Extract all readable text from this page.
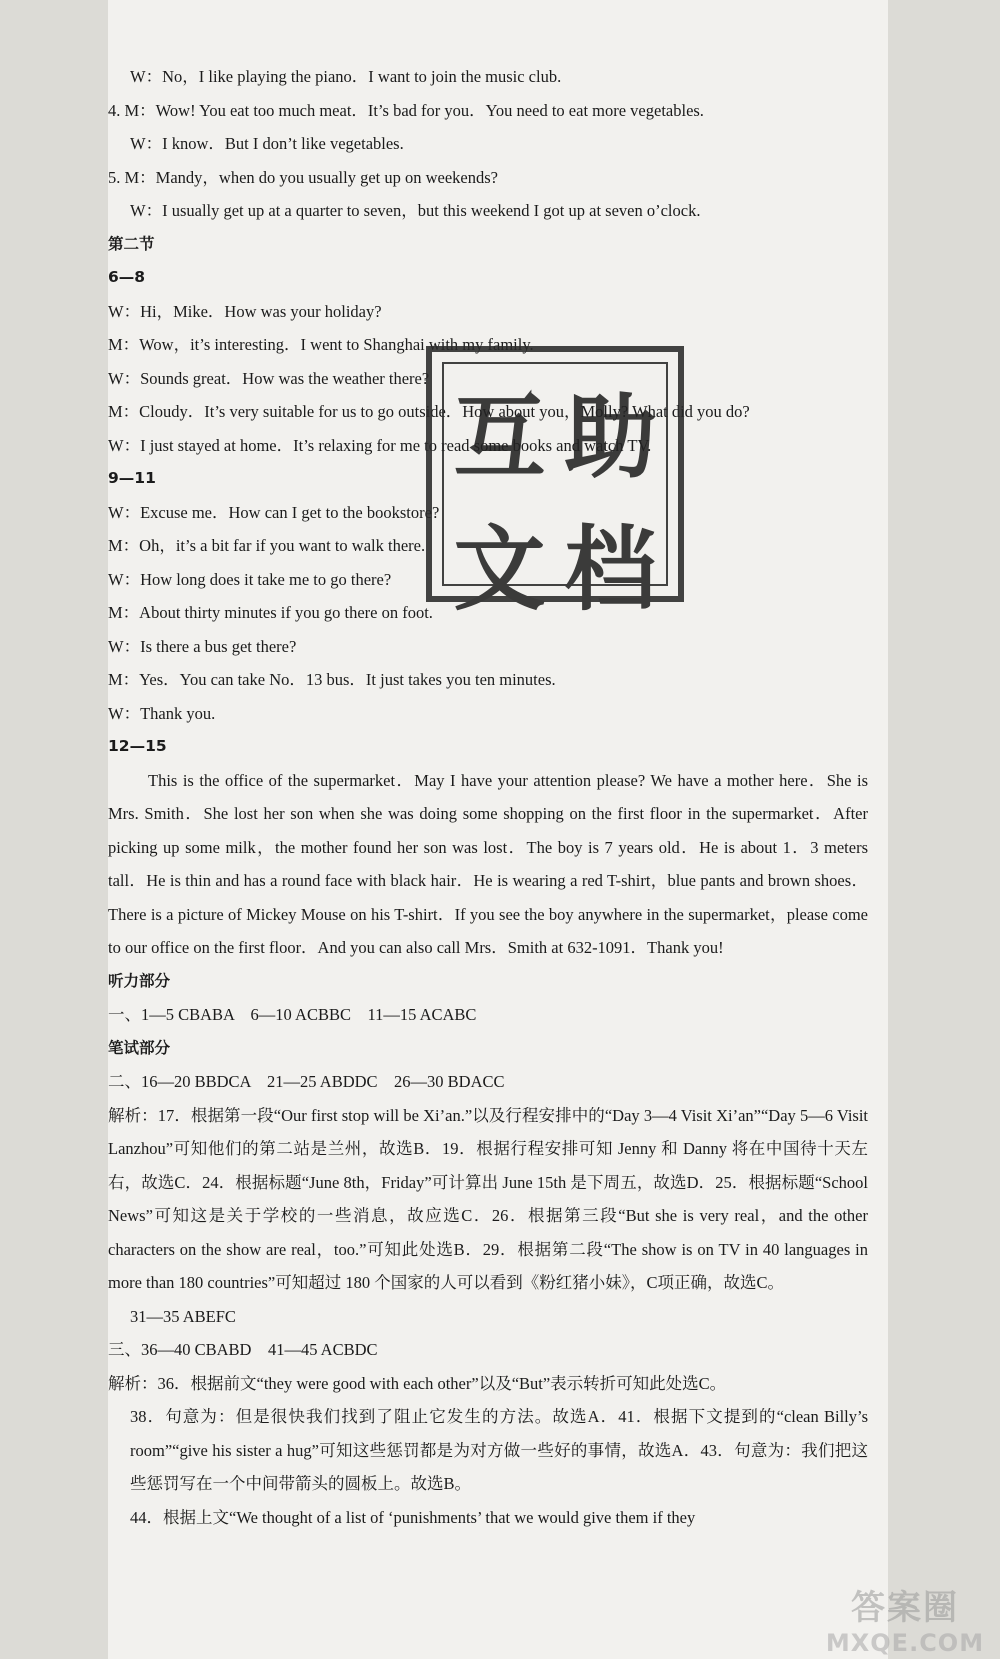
W：No，I like playing the piano．I want to join the music club.
4. M：Wow! You eat too much meat．It’s bad for you．You need to eat more vegetables.
W：I know．But I don’t like vegetables.
5. M：Mandy，when do you usually get up on weekends?
W：I usually get up at a quarter to seven，but this weekend I got up at seven o’clock.
第二节
6—8
W：Hi，Mike．How was your holiday?
M：Wow，it’s interesting．I went to Shanghai with my family.
W：Sounds great．How was the weather there?
M：Cloudy．It’s very suitable for us to go outside．How about you，Molly? What did you do?
W：I just stayed at home．It’s relaxing for me to read some books and watch TV.
9—11
W：Excuse me．How can I get to the bookstore?
M：Oh，it’s a bit far if you want to walk there.
W：How long does it take me to go there?
M：About thirty minutes if you go there on foot.
W：Is there a bus get there?
M：Yes．You can take No．13 bus．It just takes you ten minutes.
W：Thank you.
12—15
This is the office of the supermarket．May I have your attention please? We have a mother here．She is Mrs. Smith．She lost her son when she was doing some shopping on the first floor in the supermarket．After picking up some milk，the mother found her son was lost．The boy is 7 years old．He is about 1．3 meters tall．He is thin and has a round face with black hair．He is wearing a red T-shirt，blue pants and brown shoes．There is a picture of Mickey Mouse on his T-shirt．If you see the boy anywhere in the supermarket，please come to our office on the first floor．And you can also call Mrs．Smith at 632-1091．Thank you!
听力部分
一、1—5 CBABA　6—10 ACBBC　11—15 ACABC
笔试部分
二、16—20 BBDCA　21—25 ABDDC　26—30 BDACC
解析：17．根据第一段“Our first stop will be Xi’an.”以及行程安排中的“Day 3—4 Visit Xi’an”“Day 5—6 Visit Lanzhou”可知他们的第二站是兰州，故选B．19．根据行程安排可知 Jenny 和 Danny 将在中国待十天左右，故选C．24．根据标题“June 8th，Friday”可计算出 June 15th 是下周五，故选D．25．根据标题“School News”可知这是关于学校的一些消息，故应选C．26．根据第三段“But she is very real，and the other characters on the show are real，too.”可知此处选B．29．根据第二段“The show is on TV in 40 languages in more than 180 countries”可知超过 180 个国家的人可以看到《粉红猪小妹》，C项正确，故选C。
31—35 ABEFC
三、36—40 CBABD　41—45 ACBDC
解析：36．根据前文“they were good with each other”以及“But”表示转折可知此处选C。
38．句意为：但是很快我们找到了阻止它发生的方法。故选A．41．根据下文提到的“clean Billy’s room”“give his sister a hug”可知这些惩罚都是为对方做一些好的事情，故选A．43．句意为：我们把这些惩罚写在一个中间带箭头的圆板上。故选B。
44．根据上文“We thought of a list of ‘punishments’ that we would give them if they
互 助
文 档
答案圈
MXQE.COM
